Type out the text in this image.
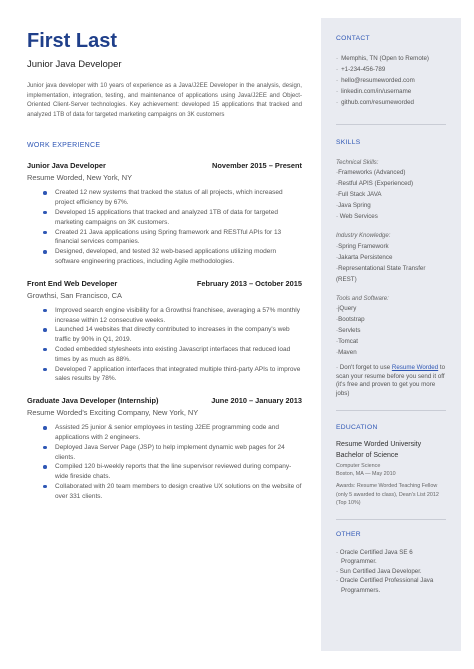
First Last
Junior Java Developer

Junior java developer with 10 years of experience as a Java/J2EE Developer in the analysis, design, implementation, integration, testing, and maintenance of applications using Java/J2EE and Object-Oriented Client-Server technologies. Key achievement: developed 15 applications that tracked and analyzed 1TB of data for targeted marketing campaigns on 3K customers

WORK EXPERIENCE
Junior Java Developer	November 2015 – Present
Resume Worded, New York, NY
Created 12 new systems that tracked the status of all projects, which increased project efficiency by 67%.
Developed 15 applications that tracked and analyzed 1TB of data for targeted marketing campaigns on 3K customers.
Created 21 Java applications using Spring framework and RESTful APIs for 13 financial services companies.
Designed, developed, and tested 32 web-based applications utilizing modern software engineering practices, including Agile methodologies.
Front End Web Developer	February 2013 – October 2015
Growthsi, San Francisco, CA
Improved search engine visibility for a Growthsi franchisee, averaging a 57% monthly increase within 12 consecutive weeks.
Launched 14 websites that directly contributed to increases in the company's web traffic by 90% in Q1, 2019.
Coded embedded stylesheets into existing Javascript interfaces that reduced load times by as much as 88%.
Developed 7 application interfaces that integrated multiple third-party APIs to improve sales results by 78%.
Graduate Java Developer (Internship)	June 2010 – January 2013
Resume Worded's Exciting Company, New York, NY
Assisted 25 junior & senior employees in testing J2EE programming code and applications with 2 engineers.
Deployed Java Server Page (JSP) to help implement dynamic web pages for 24 clients.
Compiled 120 bi-weekly reports that the line supervisor reviewed during company-wide fireside chats.
Collaborated with 20 team members to design creative UX solutions on the website of over 331 clients.
CONTACT
· Memphis, TN (Open to Remote)
· +1-234-456-789
· hello@resumeworded.com
· linkedin.com/in/username
· github.com/resumeworded
SKILLS
Technical Skills:
·Frameworks (Advanced)
·Restful APIS (Experienced)
·Full Stack JAVA
·Java Spring
· Web Services
Industry Knowledge:
·Spring Framework
·Jakarta Persistence
·Representational State Transfer (REST)
Tools and Software:
·jQuery
·Bootstrap
·Servlets
·Tomcat
·Maven

· Don't forget to use Resume Worded to scan your resume before you send it off (it's free and proven to get you more jobs)

EDUCATION
Resume Worded University
Bachelor of Science
Computer Science
Boston, MA — May 2010
Awards: Resume Worded Teaching Fellow (only 5 awarded to class), Dean's List 2012 (Top 10%)
OTHER
· Oracle Certified Java SE 6 Programmer.
· Sun Certified Java Developer.
· Oracle Certified Professional Java Programmers.
